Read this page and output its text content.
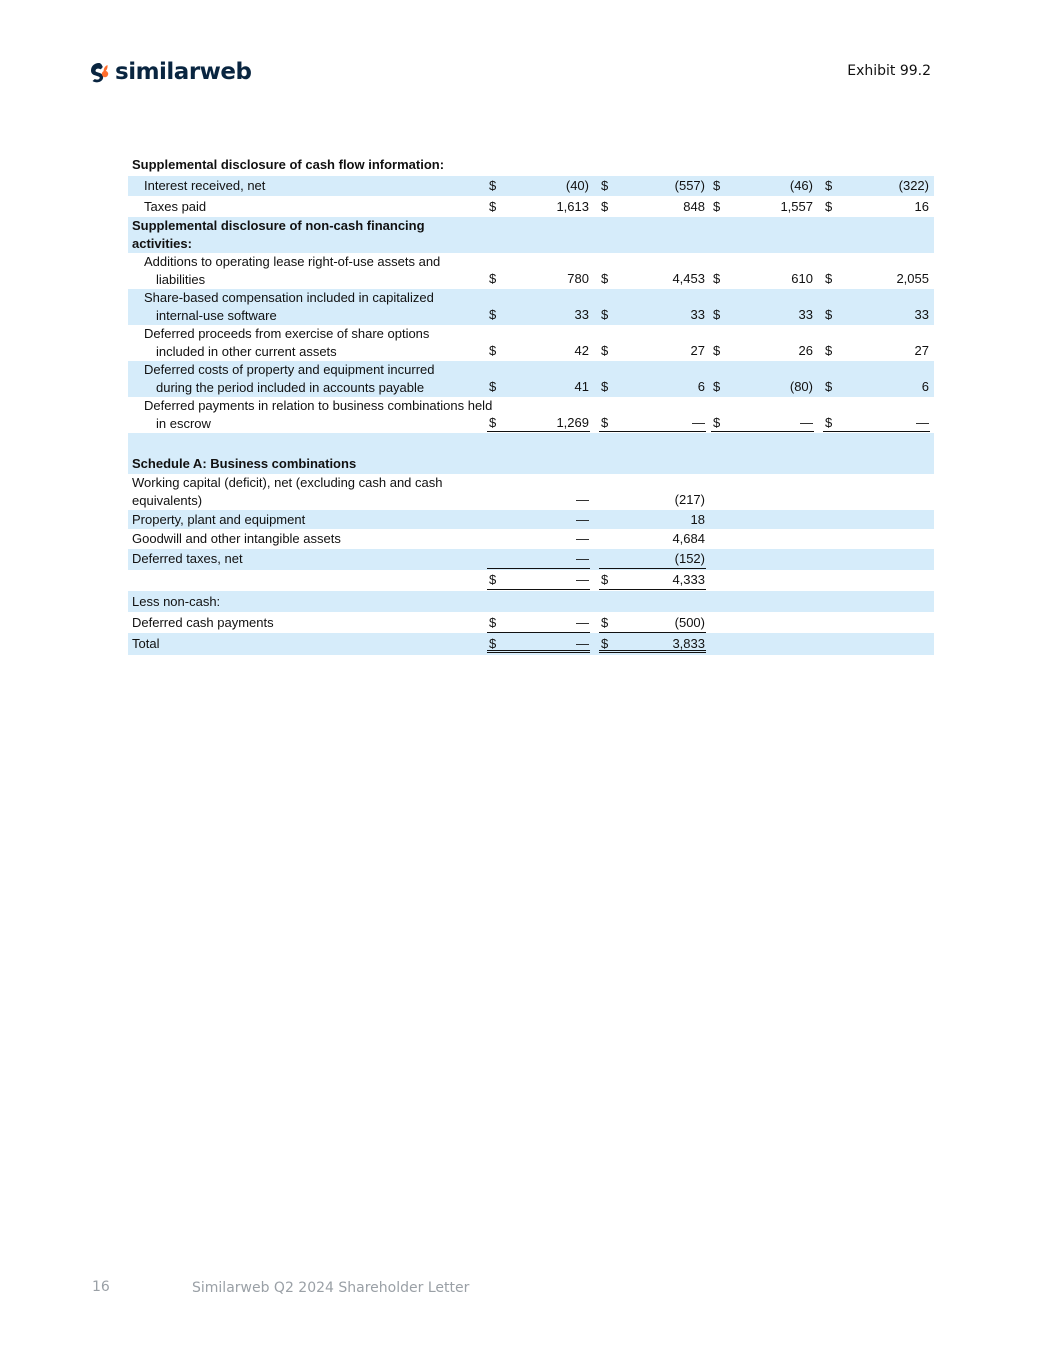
similarweb	Exhibit 99.2
Supplemental disclosure of cash flow information:
Interest received, net	$	(40) $	(557) $	(46) $	(322)
Taxes paid	$	1,613 $	848 $	1,557 $	16
Supplemental disclosure of non-cash financing activities:
Additions to operating lease right-of-use assets and liabilities	$	780 $	4,453 $	610 $	2,055
Share-based compensation included in capitalized internal-use software	$	33 $	33 $	33 $	33
Deferred proceeds from exercise of share options included in other current assets	$	42 $	27 $	26 $	27
Deferred costs of property and equipment incurred during the period included in accounts payable	$	41 $	6 $	(80) $	6
Deferred payments in relation to business combinations held in escrow	$	1,269 $	— $	— $	—
Schedule A: Business combinations
Working capital (deficit), net (excluding cash and cash equivalents)	—	(217)
Property, plant and equipment	—	18
Goodwill and other intangible assets	—	4,684
Deferred taxes, net	—	(152)
$	— $	4,333
Less non-cash:
Deferred cash payments	$	— $	(500)
Total	$	— $	3,833
16	Similarweb Q2 2024 Shareholder Letter
